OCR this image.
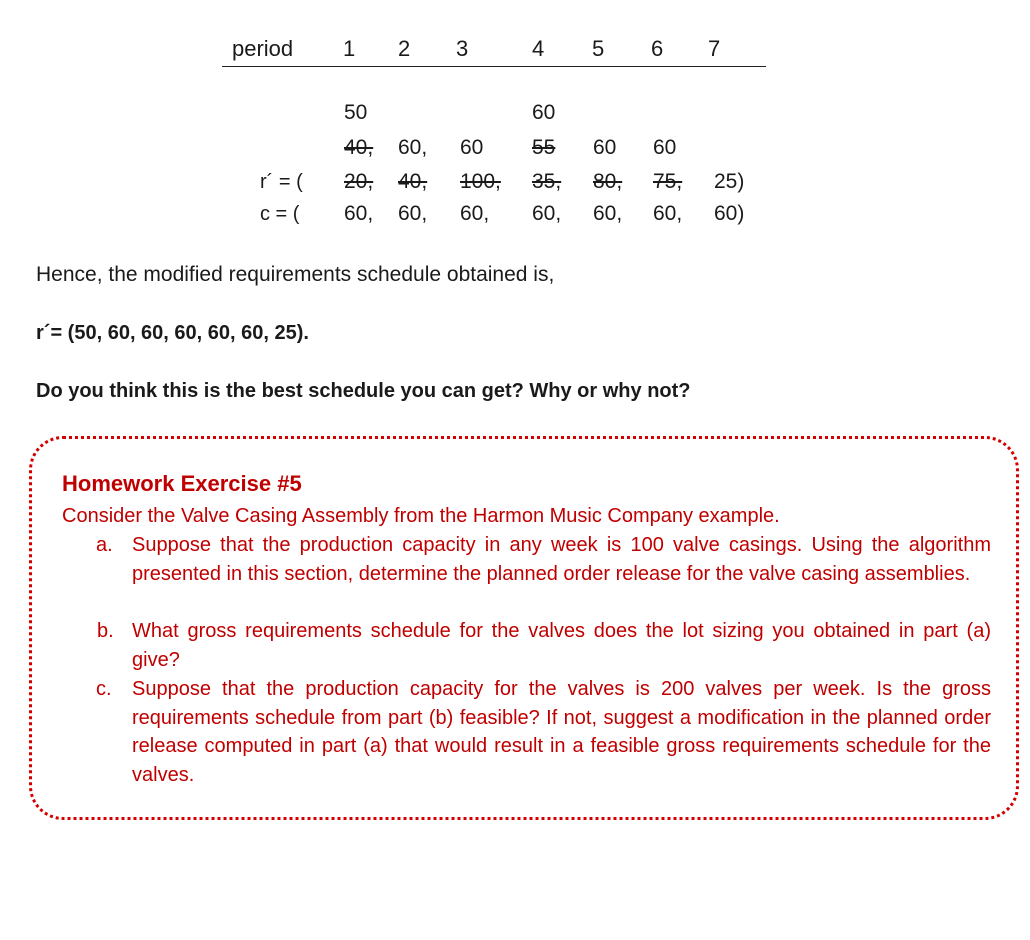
period 1 2 3	4 5 6 7
50	60
40, 60, 60 55 60 60
r´ = ( 20, 40, 100, 35, 80, 75, 25)
c = ( 60, 60, 60, 60, 60, 60, 60)
Hence, the modified requirements schedule obtained is,
r´= (50, 60, 60, 60, 60, 60, 25).
Do you think this is the best schedule you can get? Why or why not?
Homework Exercise #5
Consider the Valve Casing Assembly from the Harmon Music Company example.
a. Suppose that the production capacity in any week is 100 valve casings. Using the algorithm presented in this section, determine the planned order release for the valve casing assemblies.
b. What gross requirements schedule for the valves does the lot sizing you obtained in part (a) give?
c. Suppose that the production capacity for the valves is 200 valves per week. Is the gross requirements schedule from part (b) feasible? If not, suggest a modification in the planned order release computed in part (a) that would result in a feasible gross requirements schedule for the valves.
